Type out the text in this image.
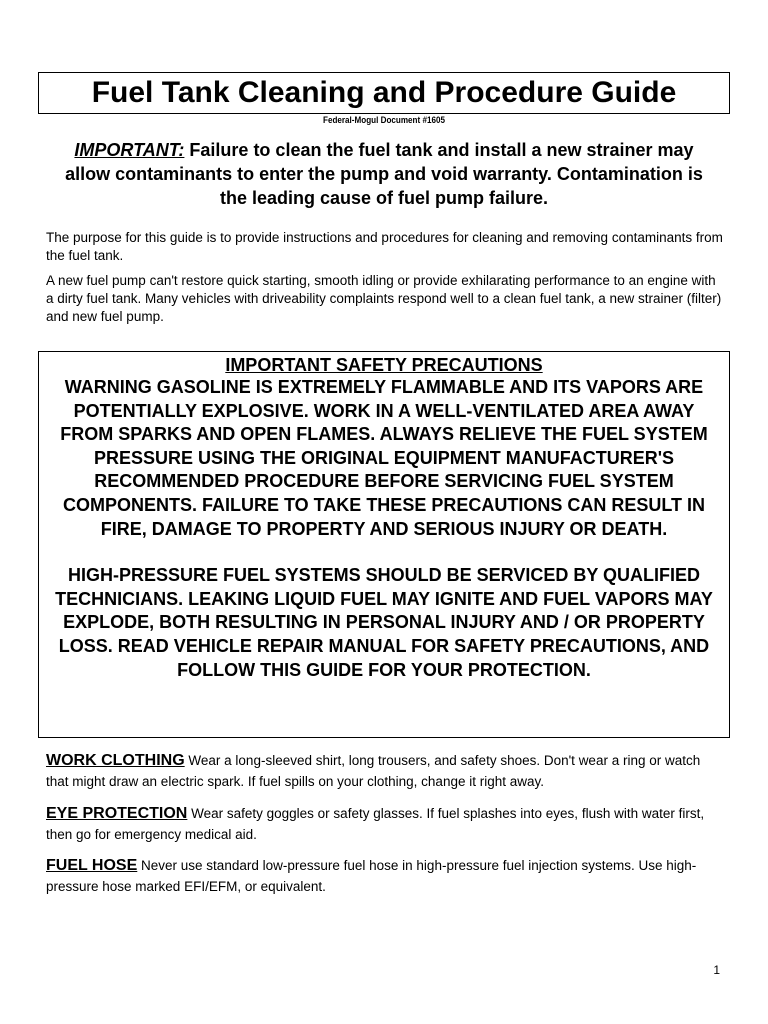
Fuel Tank Cleaning and Procedure Guide
Federal-Mogul Document #1605
IMPORTANT: Failure to clean the fuel tank and install a new strainer may allow contaminants to enter the pump and void warranty. Contamination is the leading cause of fuel pump failure.

The purpose for this guide is to provide instructions and procedures for cleaning and removing contaminants from the fuel tank.

A new fuel pump can't restore quick starting, smooth idling or provide exhilarating performance to an engine with a dirty fuel tank. Many vehicles with driveability complaints respond well to a clean fuel tank, a new strainer (filter) and new fuel pump.

IMPORTANT SAFETY PRECAUTIONS
WARNING GASOLINE IS EXTREMELY FLAMMABLE AND ITS VAPORS ARE POTENTIALLY EXPLOSIVE. WORK IN A WELL-VENTILATED AREA AWAY FROM SPARKS AND OPEN FLAMES. ALWAYS RELIEVE THE FUEL SYSTEM PRESSURE USING THE ORIGINAL EQUIPMENT MANUFACTURER'S RECOMMENDED PROCEDURE BEFORE SERVICING FUEL SYSTEM COMPONENTS. FAILURE TO TAKE THESE PRECAUTIONS CAN RESULT IN FIRE, DAMAGE TO PROPERTY AND SERIOUS INJURY OR DEATH.
HIGH-PRESSURE FUEL SYSTEMS SHOULD BE SERVICED BY QUALIFIED TECHNICIANS. LEAKING LIQUID FUEL MAY IGNITE AND FUEL VAPORS MAY EXPLODE, BOTH RESULTING IN PERSONAL INJURY AND / OR PROPERTY LOSS. READ VEHICLE REPAIR MANUAL FOR SAFETY PRECAUTIONS, AND FOLLOW THIS GUIDE FOR YOUR PROTECTION.
WORK CLOTHING Wear a long-sleeved shirt, long trousers, and safety shoes. Don't wear a ring or watch that might draw an electric spark. If fuel spills on your clothing, change it right away.
EYE PROTECTION Wear safety goggles or safety glasses. If fuel splashes into eyes, flush with water first, then go for emergency medical aid.
FUEL HOSE Never use standard low-pressure fuel hose in high-pressure fuel injection systems. Use high-pressure hose marked EFI/EFM, or equivalent.
1
